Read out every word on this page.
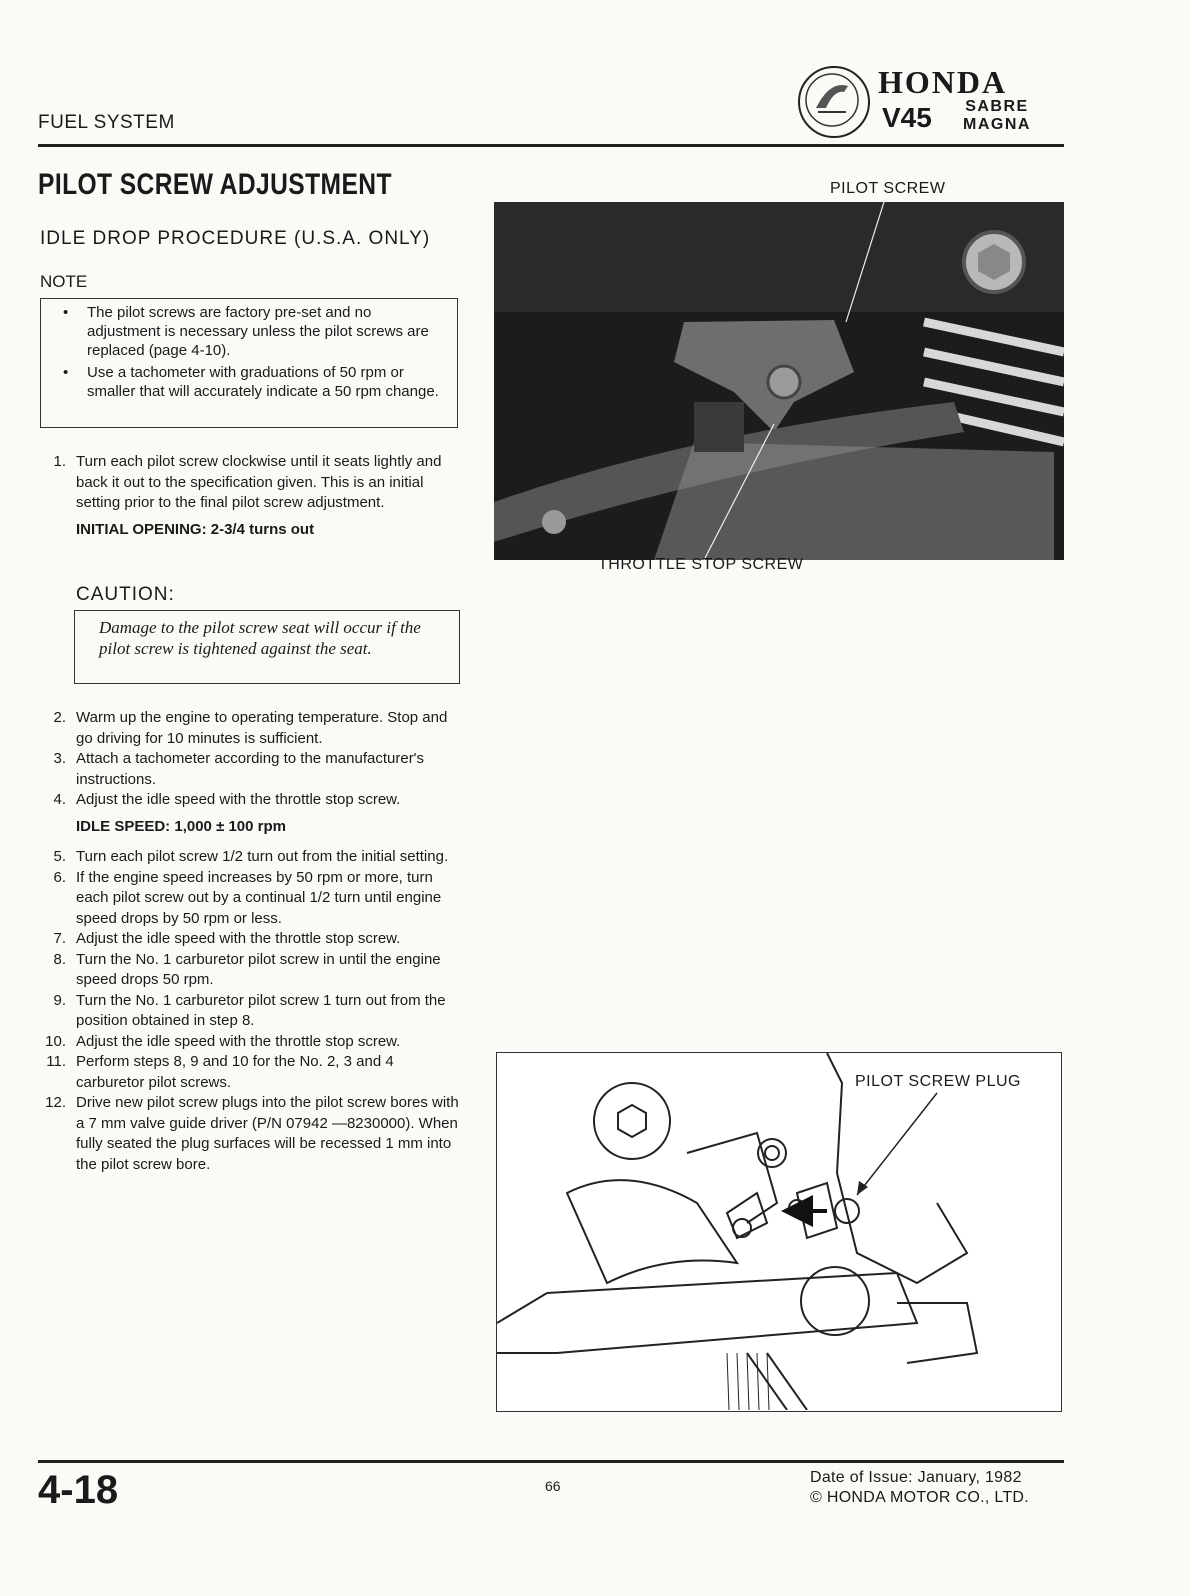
FUEL SYSTEM
HONDA
V45 SABRE
MAGNA
PILOT SCREW ADJUSTMENT
IDLE DROP PROCEDURE (U.S.A. ONLY)
NOTE
• The pilot screws are factory pre-set and no adjustment is necessary unless the pilot screws are replaced (page 4-10).
• Use a tachometer with graduations of 50 rpm or smaller that will accurately indicate a 50 rpm change.
1. Turn each pilot screw clockwise until it seats lightly and back it out to the specification given. This is an initial setting prior to the final pilot screw adjustment.
INITIAL OPENING: 2-3/4 turns out
CAUTION:
Damage to the pilot screw seat will occur if the pilot screw is tightened against the seat.
2. Warm up the engine to operating temperature. Stop and go driving for 10 minutes is sufficient.
3. Attach a tachometer according to the manufacturer's instructions.
4. Adjust the idle speed with the throttle stop screw.
IDLE SPEED: 1,000 ± 100 rpm
5. Turn each pilot screw 1/2 turn out from the initial setting.
6. If the engine speed increases by 50 rpm or more, turn each pilot screw out by a continual 1/2 turn until engine speed drops by 50 rpm or less.
7. Adjust the idle speed with the throttle stop screw.
8. Turn the No. 1 carburetor pilot screw in until the engine speed drops 50 rpm.
9. Turn the No. 1 carburetor pilot screw 1 turn out from the position obtained in step 8.
10. Adjust the idle speed with the throttle stop screw.
11. Perform steps 8, 9 and 10 for the No. 2, 3 and 4 carburetor pilot screws.
12. Drive new pilot screw plugs into the pilot screw bores with a 7 mm valve guide driver (P/N 07942 —8230000). When fully seated the plug surfaces will be recessed 1 mm into the pilot screw bore.
PILOT SCREW
THROTTLE STOP SCREW
PILOT SCREW PLUG
4-18	66	Date of Issue: January, 1982
© HONDA MOTOR CO., LTD.
